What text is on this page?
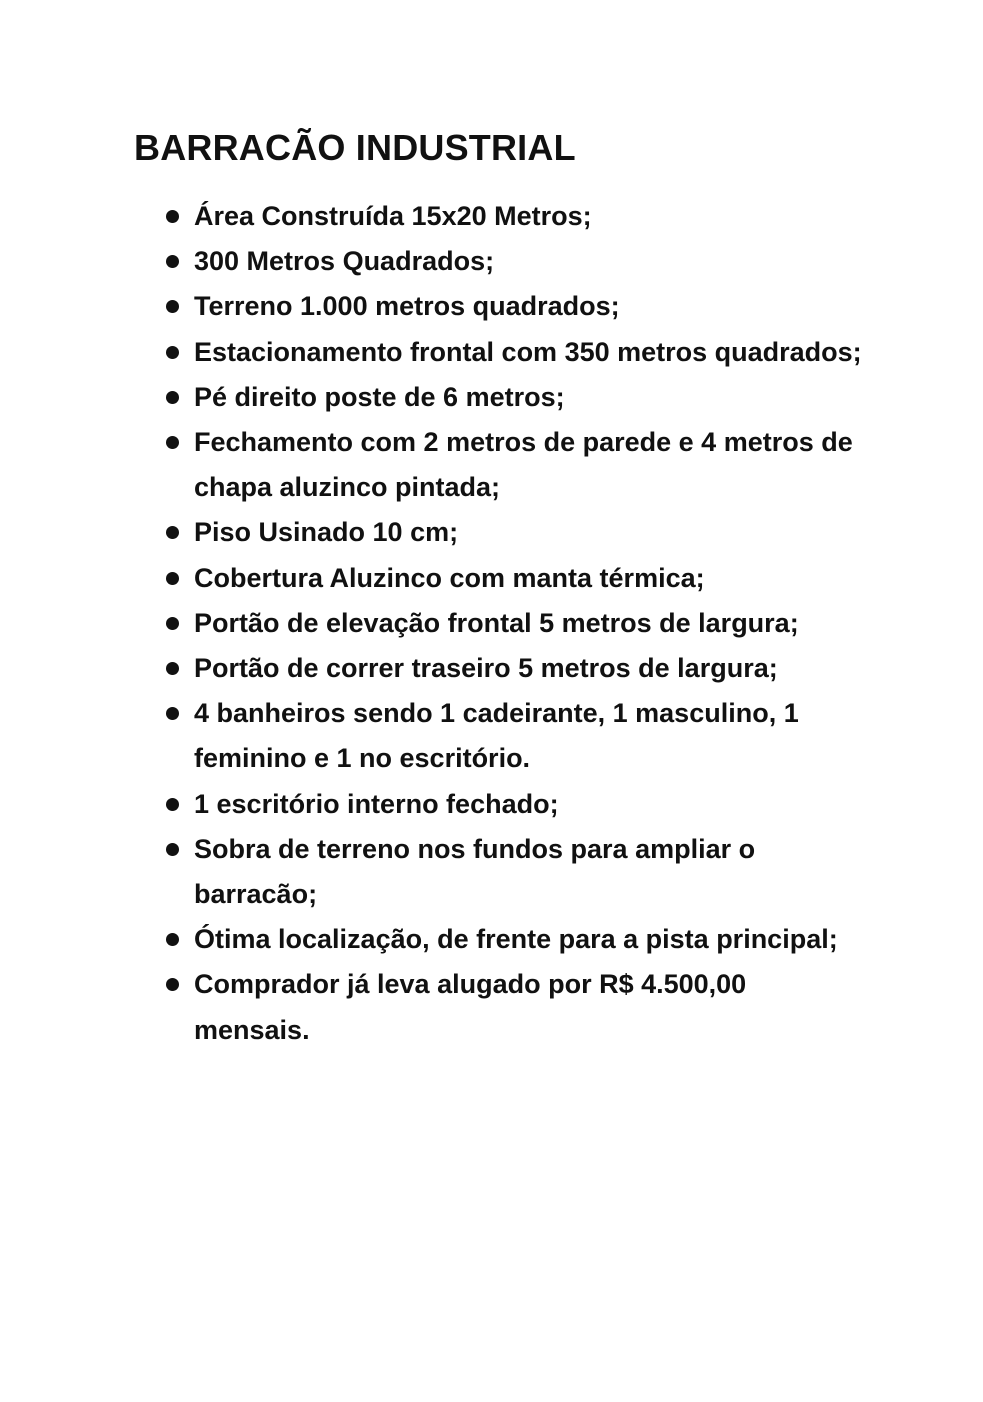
BARRACÃO INDUSTRIAL
Área Construída 15x20 Metros;
300 Metros Quadrados;
Terreno 1.000 metros quadrados;
Estacionamento frontal com 350 metros quadrados;
Pé direito poste de 6 metros;
Fechamento com 2 metros de parede e 4 metros de chapa aluzinco pintada;
Piso Usinado 10 cm;
Cobertura Aluzinco com manta térmica;
Portão de elevação frontal 5 metros de largura;
Portão de correr traseiro 5 metros de largura;
4 banheiros sendo 1 cadeirante, 1 masculino, 1 feminino e 1 no escritório.
1 escritório interno fechado;
Sobra de terreno nos fundos para ampliar o barracão;
Ótima localização, de frente para a pista principal;
Comprador já leva alugado por R$ 4.500,00 mensais.
